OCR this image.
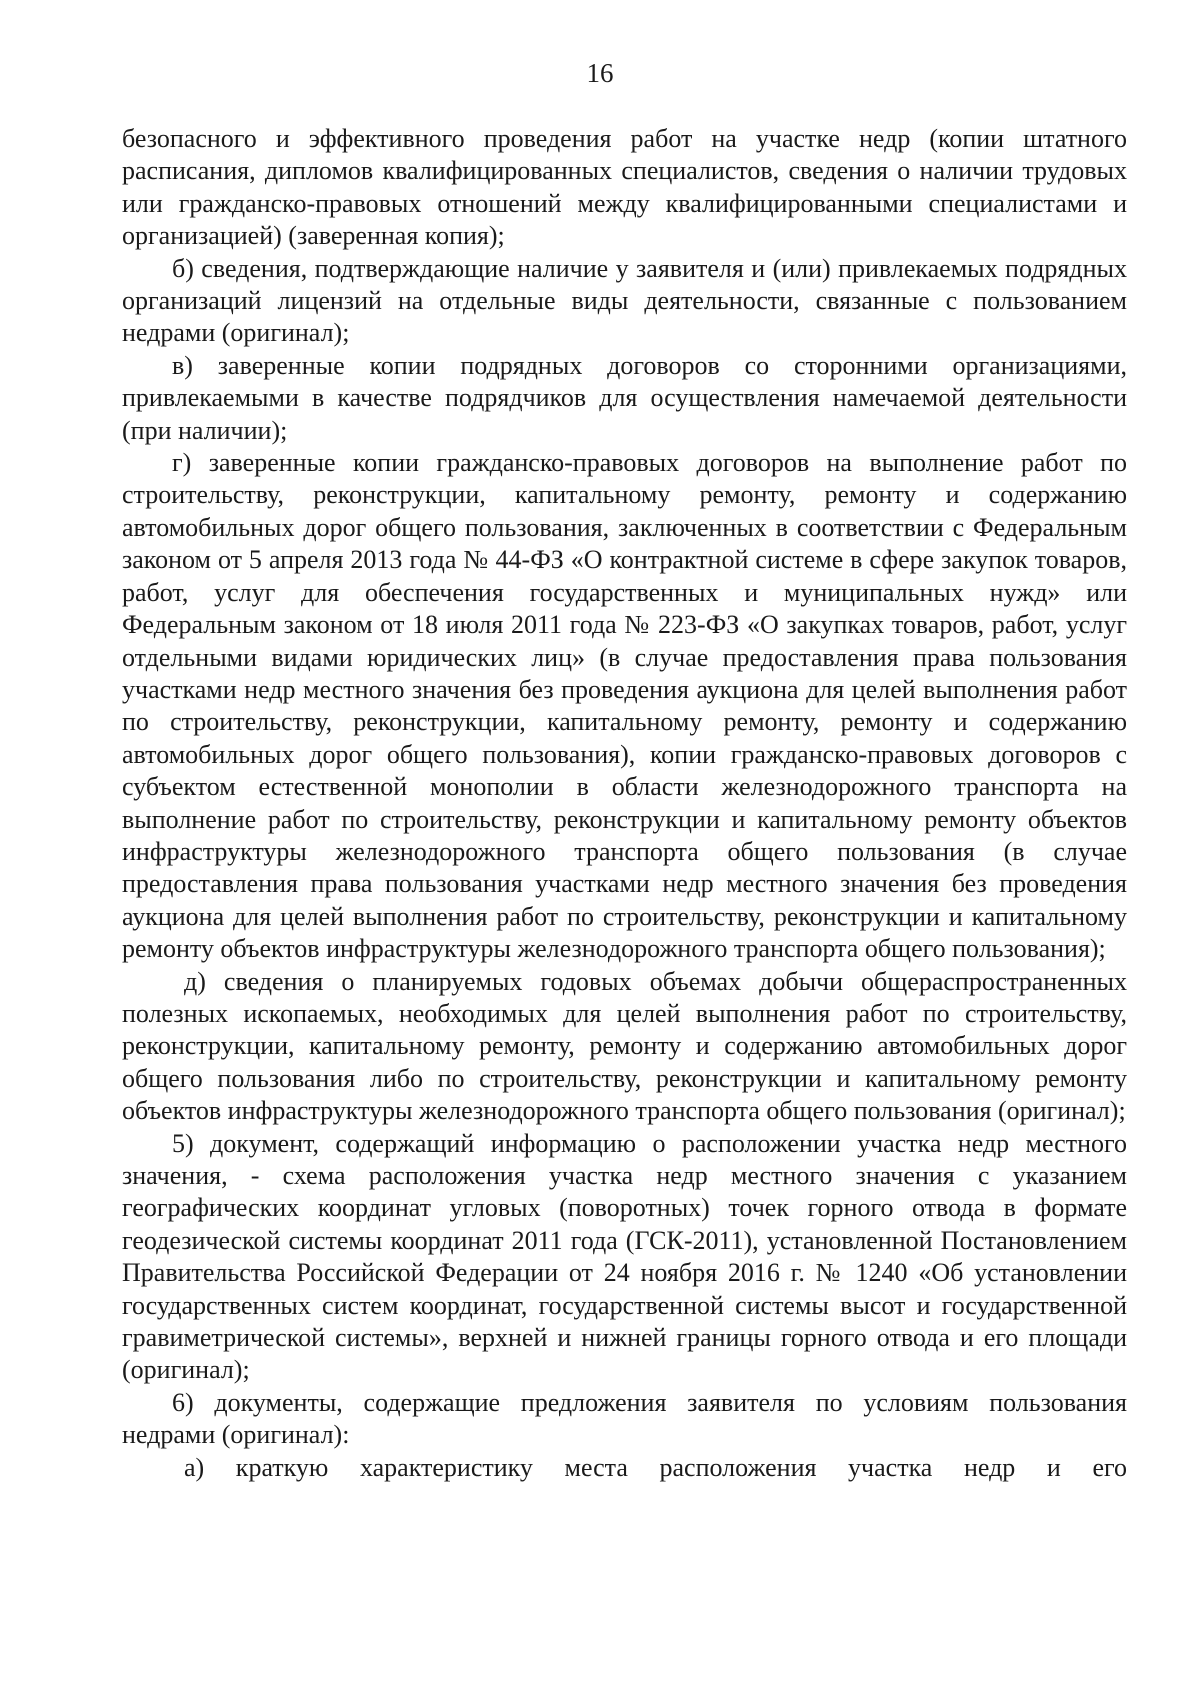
16

безопасного и эффективного проведения работ на участке недр (копии штатного расписания, дипломов квалифицированных специалистов, сведения о наличии трудовых или гражданско-правовых отношений между квалифицированными специалистами и организацией) (заверенная копия);

б) сведения, подтверждающие наличие у заявителя и (или) привлекаемых подрядных организаций лицензий на отдельные виды деятельности, связанные с пользованием недрами (оригинал);

в) заверенные копии подрядных договоров со сторонними организациями, привлекаемыми в качестве подрядчиков для осуществления намечаемой деятельности (при наличии);

г) заверенные копии гражданско-правовых договоров на выполнение работ по строительству, реконструкции, капитальному ремонту, ремонту и содержанию автомобильных дорог общего пользования, заключенных в соответствии с Федеральным законом от 5 апреля 2013 года № 44-ФЗ «О контрактной системе в сфере закупок товаров, работ, услуг для обеспечения государственных и муниципальных нужд» или Федеральным законом от 18 июля 2011 года № 223-ФЗ «О закупках товаров, работ, услуг отдельными видами юридических лиц» (в случае предоставления права пользования участками недр местного значения без проведения аукциона для целей выполнения работ по строительству, реконструкции, капитальному ремонту, ремонту и содержанию автомобильных дорог общего пользования), копии гражданско-правовых договоров с субъектом естественной монополии в области железнодорожного транспорта на выполнение работ по строительству, реконструкции и капитальному ремонту объектов инфраструктуры железнодорожного транспорта общего пользования (в случае предоставления права пользования участками недр местного значения без проведения аукциона для целей выполнения работ по строительству, реконструкции и капитальному ремонту объектов инфраструктуры железнодорожного транспорта общего пользования);

д) сведения о планируемых годовых объемах добычи общераспространенных полезных ископаемых, необходимых для целей выполнения работ по строительству, реконструкции, капитальному ремонту, ремонту и содержанию автомобильных дорог общего пользования либо по строительству, реконструкции и капитальному ремонту объектов инфраструктуры железнодорожного транспорта общего пользования (оригинал);

5) документ, содержащий информацию о расположении участка недр местного значения, - схема расположения участка недр местного значения с указанием географических координат угловых (поворотных) точек горного отвода в формате геодезической системы координат 2011 года (ГСК-2011), установленной Постановлением Правительства Российской Федерации от 24 ноября 2016 г. № 1240 «Об установлении государственных систем координат, государственной системы высот и государственной гравиметрической системы», верхней и нижней границы горного отвода и его площади (оригинал);

6) документы, содержащие предложения заявителя по условиям пользования недрами (оригинал):

а) краткую характеристику места расположения участка недр и его
